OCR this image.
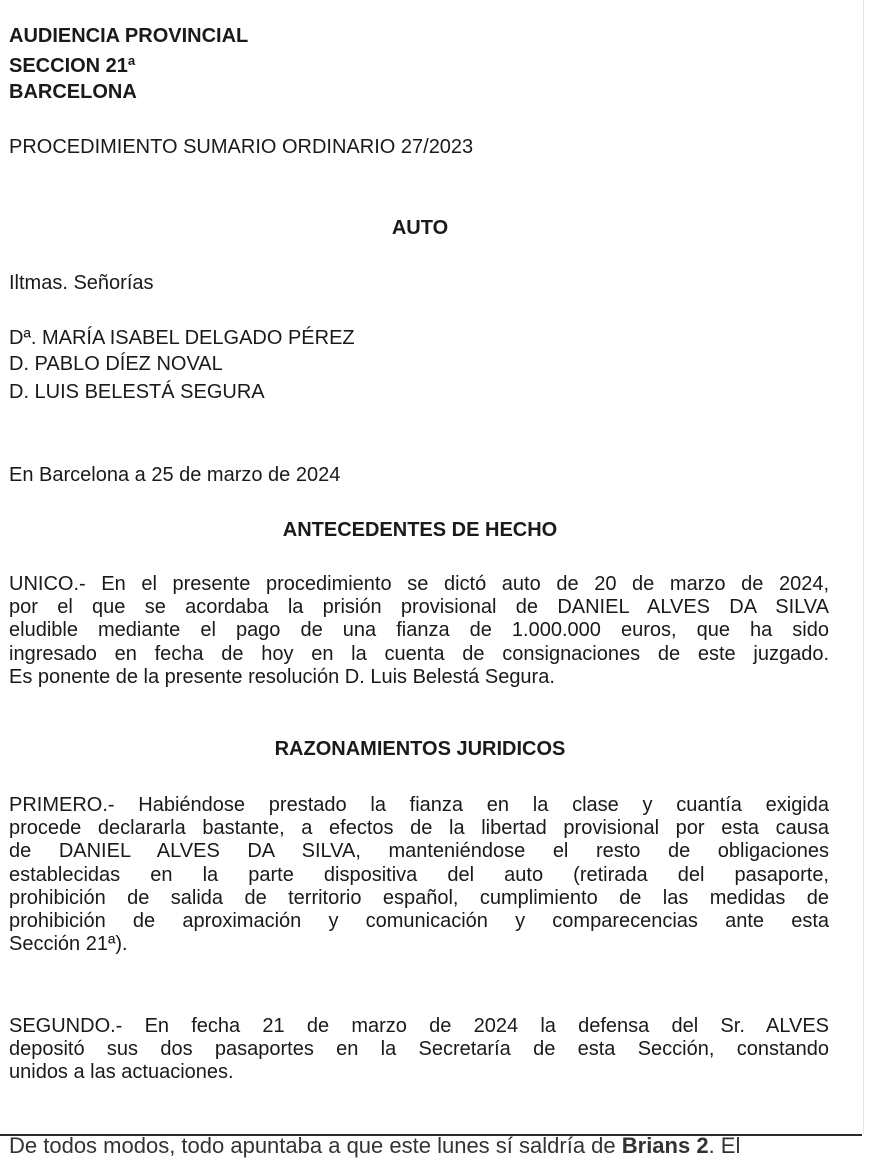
AUDIENCIA PROVINCIAL
SECCION 21ª
BARCELONA
PROCEDIMIENTO SUMARIO ORDINARIO 27/2023
AUTO
Iltmas. Señorías
Dª. MARÍA ISABEL DELGADO PÉREZ
D. PABLO DÍEZ NOVAL
D. LUIS BELESTÁ SEGURA
En Barcelona a 25 de marzo de 2024
ANTECEDENTES DE HECHO
UNICO.- En el presente procedimiento se dictó auto de 20 de marzo de 2024,
por el que se acordaba la prisión provisional de DANIEL ALVES DA SILVA
eludible mediante el pago de una fianza de 1.000.000 euros, que ha sido
ingresado en fecha de hoy en la cuenta de consignaciones de este juzgado.
Es ponente de la presente resolución D. Luis Belestá Segura.
RAZONAMIENTOS JURIDICOS
PRIMERO.- Habiéndose prestado la fianza en la clase y cuantía exigida
procede declararla bastante, a efectos de la libertad provisional por esta causa
de DANIEL ALVES DA SILVA, manteniéndose el resto de obligaciones
establecidas en la parte dispositiva del auto (retirada del pasaporte,
prohibición de salida de territorio español, cumplimiento de las medidas de
prohibición de aproximación y comunicación y comparecencias ante esta
Sección 21ª).
SEGUNDO.- En fecha 21 de marzo de 2024 la defensa del Sr. ALVES
depositó sus dos pasaportes en la Secretaría de esta Sección, constando
unidos a las actuaciones.
De todos modos, todo apuntaba a que este lunes sí saldría de Brians 2. El
